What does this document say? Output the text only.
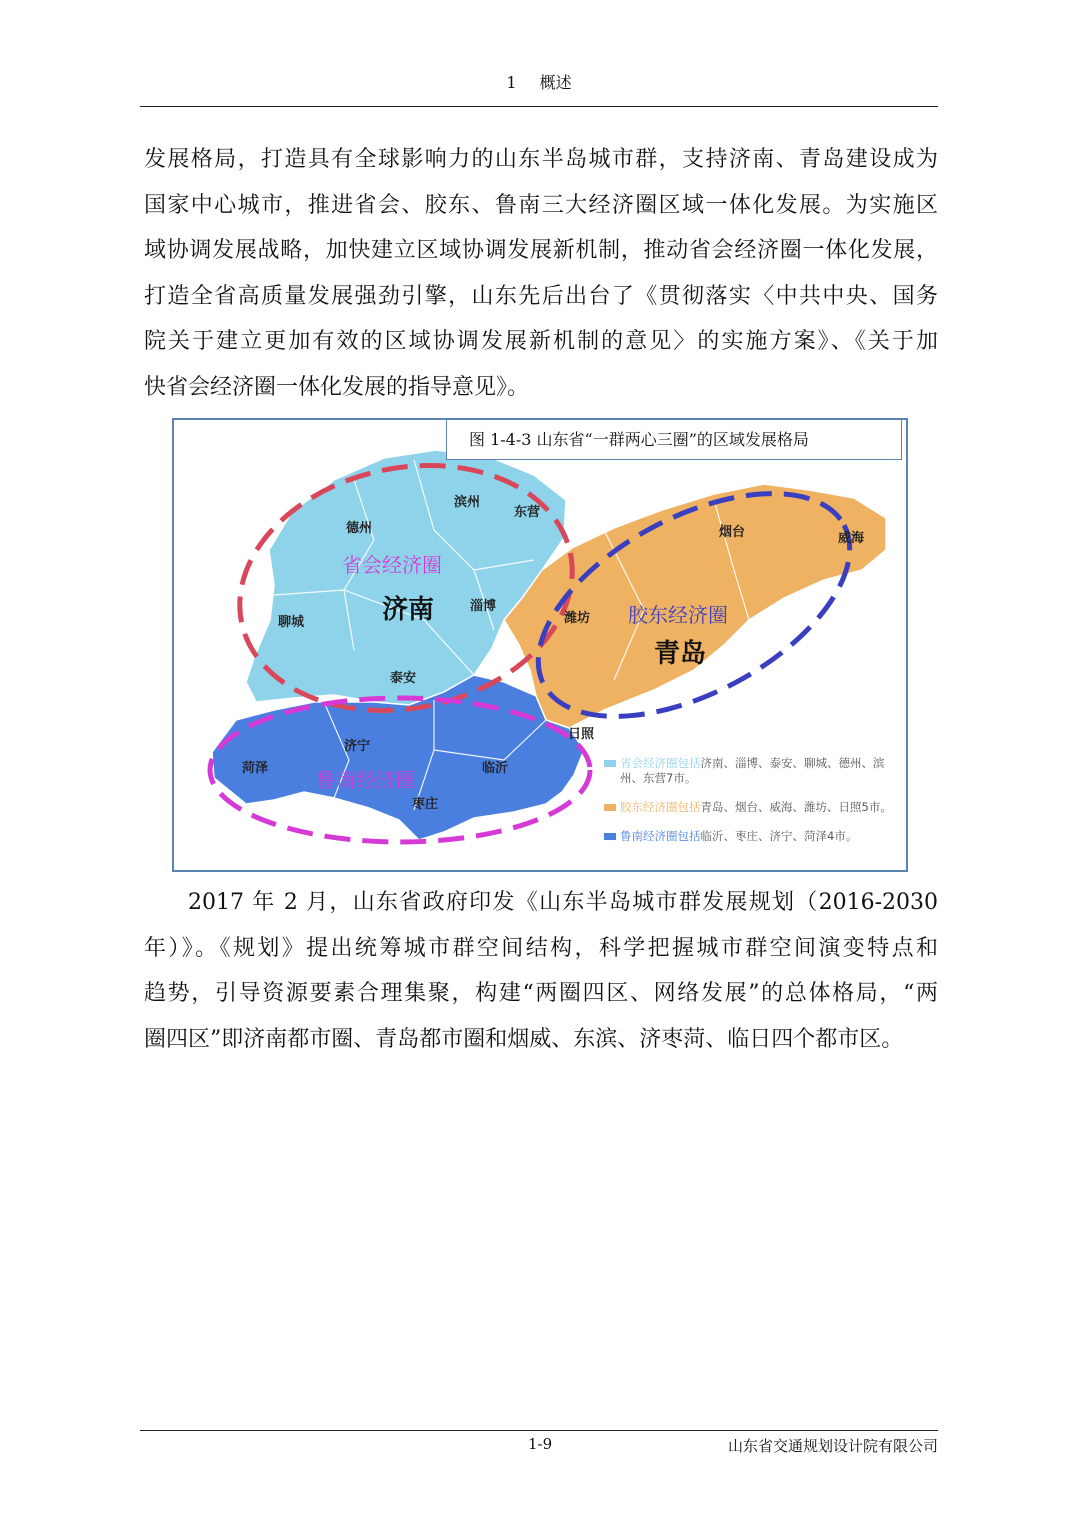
1 概述

发展格局，打造具有全球影响力的山东半岛城市群，支持济南、青岛建设成为
国家中心城市，推进省会、胶东、鲁南三大经济圈区域一体化发展。为实施区
域协调发展战略，加快建立区域协调发展新机制，推动省会经济圈一体化发展，
打造全省高质量发展强劲引擎，山东先后出台了《贯彻落实〈中共中央、国务
院关于建立更加有效的区域协调发展新机制的意见〉的实施方案》、《关于加
快省会经济圈一体化发展的指导意见》。

省会经济圈
胶东经济圈
鲁南经济圈
济南
青岛
滨州
东营
德州
聊城
淄博
泰安
烟台	威海
潍坊
日照
济宁
菏泽	临沂
枣庄
图 1-4-3 山东省“一群两心三圈”的区域发展格局
省会经济圈包括济南、淄博、泰安、聊城、德州、滨州、东营7市。
胶东经济圈包括青岛、烟台、威海、潍坊、日照5市。
鲁南经济圈包括临沂、枣庄、济宁、菏泽4市。

2017 年 2 月，山东省政府印发《山东半岛城市群发展规划（2016-2030
年）》。《规划》提出统筹城市群空间结构，科学把握城市群空间演变特点和
趋势，引导资源要素合理集聚，构建“两圈四区、网络发展”的总体格局，“两
圈四区”即济南都市圈、青岛都市圈和烟威、东滨、济枣菏、临日四个都市区。

1-9	山东省交通规划设计院有限公司
